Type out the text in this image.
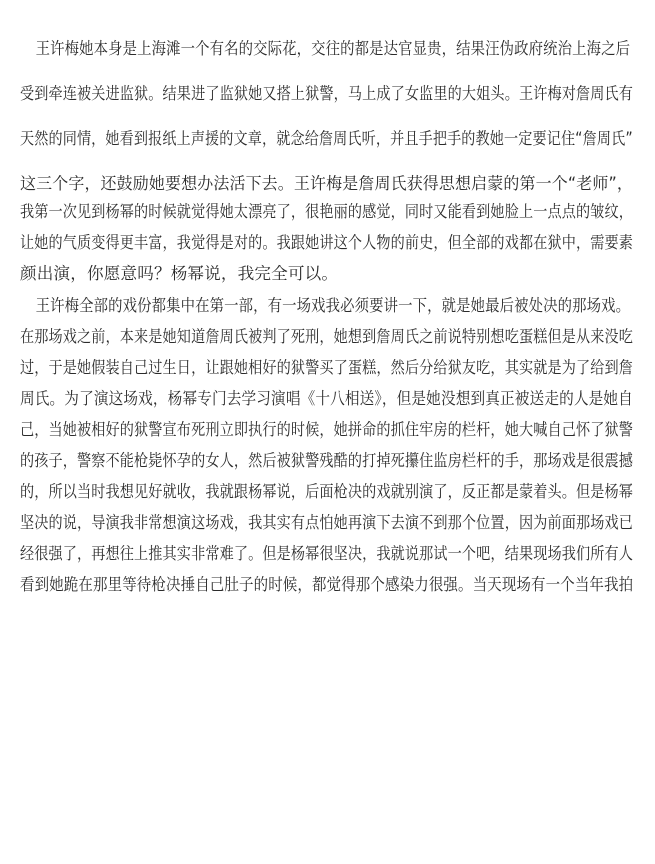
王许梅她本身是上海滩一个有名的交际花，交往的都是达官显贵，结果汪伪政府统治上海之后

受到牵连被关进监狱。结果进了监狱她又搭上狱警，马上成了女监里的大姐头。王许梅对詹周氏有

天然的同情，她看到报纸上声援的文章，就念给詹周氏听，并且手把手的教她一定要记住“詹周氏”

这三个字，还鼓励她要想办法活下去。王许梅是詹周氏获得思想启蒙的第一个“老师”，

我第一次见到杨幂的时候就觉得她太漂亮了，很艳丽的感觉，同时又能看到她脸上一点点的皱纹，

让她的气质变得更丰富，我觉得是对的。我跟她讲这个人物的前史，但全部的戏都在狱中，需要素

颜出演，你愿意吗？杨幂说，我完全可以。

王许梅全部的戏份都集中在第一部，有一场戏我必须要讲一下，就是她最后被处决的那场戏。

在那场戏之前，本来是她知道詹周氏被判了死刑，她想到詹周氏之前说特别想吃蛋糕但是从来没吃

过，于是她假装自己过生日，让跟她相好的狱警买了蛋糕，然后分给狱友吃，其实就是为了给到詹

周氏。为了演这场戏，杨幂专门去学习演唱《十八相送》，但是她没想到真正被送走的人是她自

己，当她被相好的狱警宣布死刑立即执行的时候，她拼命的抓住牢房的栏杆，她大喊自己怀了狱警

的孩子，警察不能枪毙怀孕的女人，然后被狱警残酷的打掉死攥住监房栏杆的手，那场戏是很震撼

的，所以当时我想见好就收，我就跟杨幂说，后面枪决的戏就别演了，反正都是蒙着头。但是杨幂

坚决的说，导演我非常想演这场戏，我其实有点怕她再演下去演不到那个位置，因为前面那场戏已

经很强了，再想往上推其实非常难了。但是杨幂很坚决，我就说那试一个吧，结果现场我们所有人

看到她跪在那里等待枪决捶自己肚子的时候，都觉得那个感染力很强。当天现场有一个当年我拍
